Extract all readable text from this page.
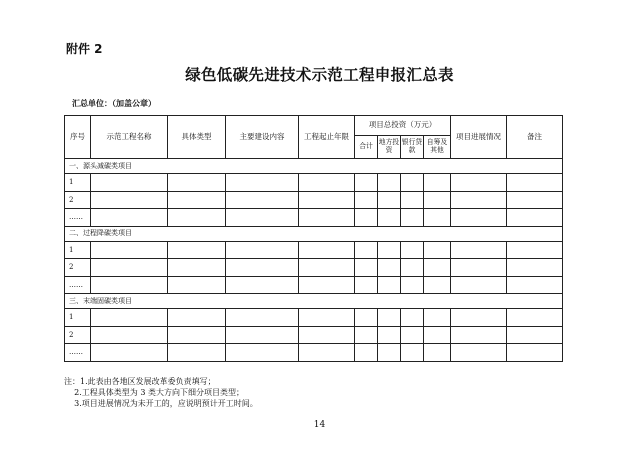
附件 2
绿色低碳先进技术示范工程申报汇总表
汇总单位：（加盖公章）
序号	示范工程名称	具体类型	主要建设内容	工程起止年限	项目总投资（万元）				项目进展情况	备注
					合计	地方投资	银行贷款	自筹及其他		
一、源头减碳类项目										
1										
2										
……										
二、过程降碳类项目										
1										
2										
……										
三、末端固碳类项目										
1										
2										
……										
注：1.此表由各地区发展改革委负责填写；
2.工程具体类型为 3 类大方向下细分项目类型；
3.项目进展情况为未开工的，应说明预计开工时间。
14
